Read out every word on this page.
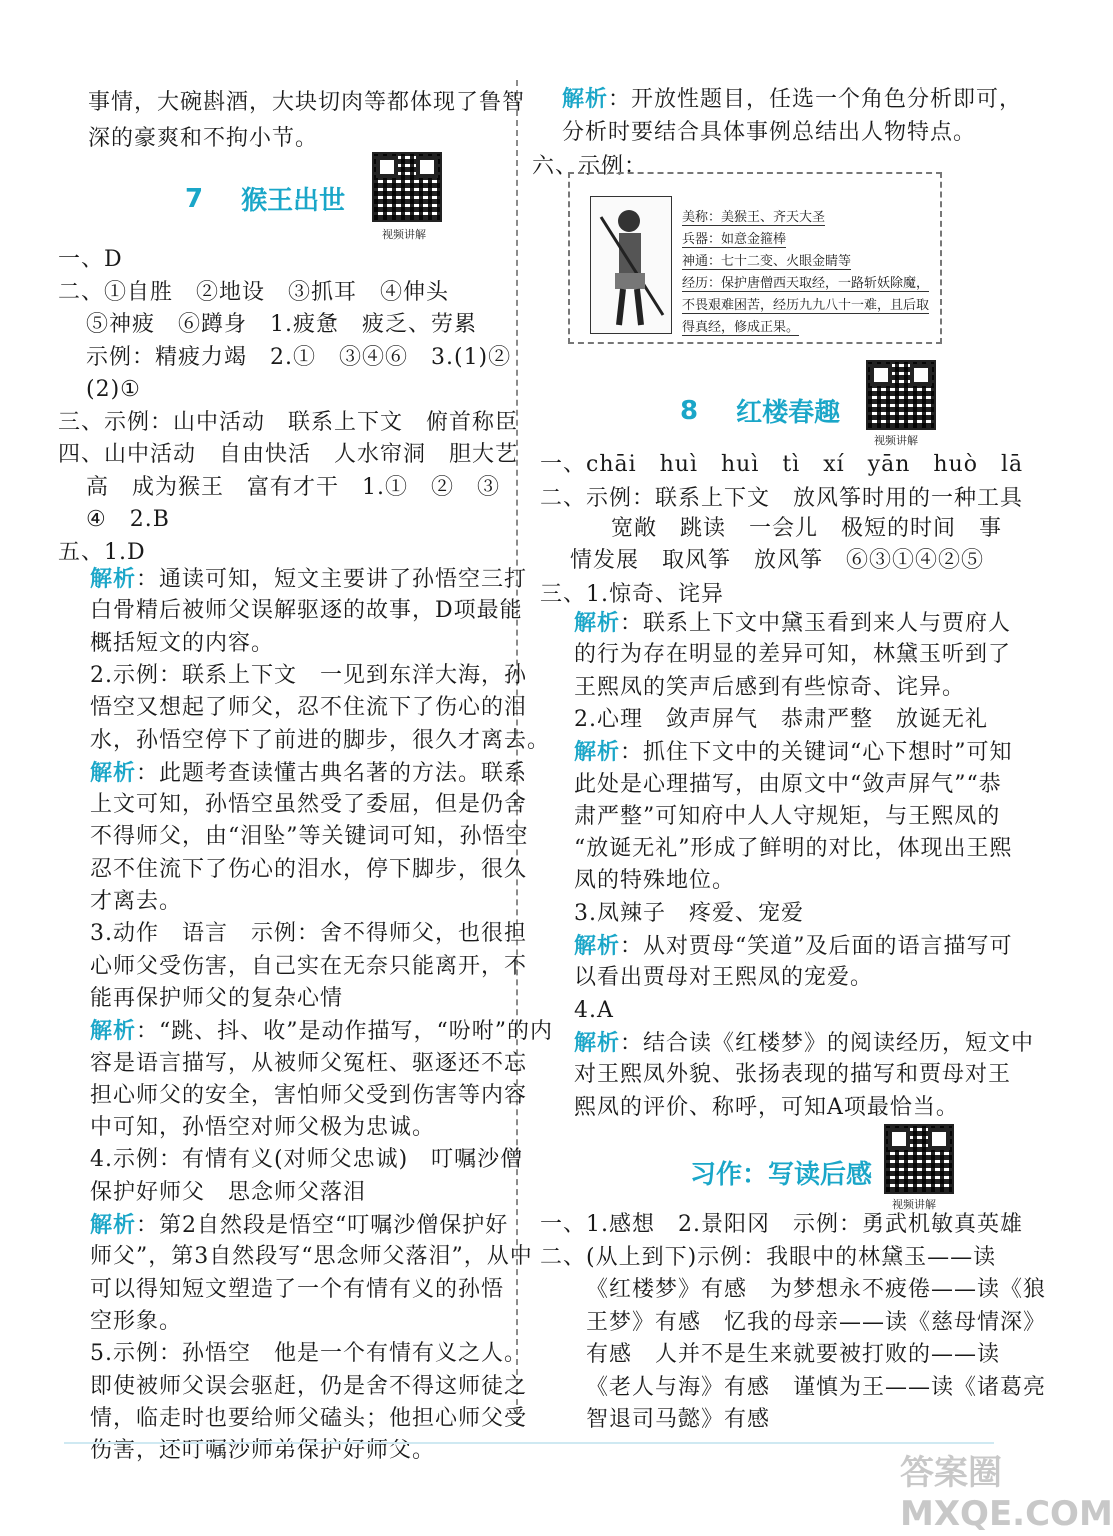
事情，大碗斟酒，大块切肉等都体现了鲁智
深的豪爽和不拘小节。
7 猴王出世
视频讲解
一、D
二、①自胜　②地设　③抓耳　④伸头
⑤神疲　⑥蹲身　1.疲惫　疲乏、劳累
示例：精疲力竭　2.①　③④⑥　3.(1)②
(2)①
三、示例：山中活动　联系上下文　俯首称臣
四、山中活动　自由快活　人水帘洞　胆大艺
高　成为猴王　富有才干　1.①　②　③
④　2.B
五、1.D
解析：通读可知，短文主要讲了孙悟空三打
白骨精后被师父误解驱逐的故事，D项最能
概括短文的内容。
2.示例：联系上下文　一见到东洋大海，孙
悟空又想起了师父，忍不住流下了伤心的泪
水，孙悟空停下了前进的脚步，很久才离去。
解析：此题考查读懂古典名著的方法。联系
上文可知，孙悟空虽然受了委屈，但是仍舍
不得师父，由“泪坠”等关键词可知，孙悟空
忍不住流下了伤心的泪水，停下脚步，很久
才离去。
3.动作　语言　示例：舍不得师父，也很担
心师父受伤害，自己实在无奈只能离开，不
能再保护师父的复杂心情
解析：“跳、抖、收”是动作描写，“吩咐”的内
容是语言描写，从被师父冤枉、驱逐还不忘
担心师父的安全，害怕师父受到伤害等内容
中可知，孙悟空对师父极为忠诚。
4.示例：有情有义(对师父忠诚)　叮嘱沙僧
保护好师父　思念师父落泪
解析：第2自然段是悟空“叮嘱沙僧保护好
师父”，第3自然段写“思念师父落泪”，从中
可以得知短文塑造了一个有情有义的孙悟
空形象。
5.示例：孙悟空　他是一个有情有义之人。
即使被师父误会驱赶，仍是舍不得这师徒之
情，临走时也要给师父磕头；他担心师父受
伤害，还叮嘱沙师弟保护好师父。
解析：开放性题目，任选一个角色分析即可，
分析时要结合具体事例总结出人物特点。
六、示例：
美称：美猴王、齐天大圣
兵器：如意金箍棒
神通：七十二变、火眼金睛等
经历：保护唐僧西天取经，一路斩妖除魔，
不畏艰难困苦，经历九九八十一难，且后取
得真经，修成正果。
8 红楼春趣
视频讲解
一、chāi　huì　huì　tì　xí　yān　huò　lā
二、示例：联系上下文　放风筝时用的一种工具
　宽敞　跳读　一会儿　极短的时间　事
情发展　取风筝　放风筝　⑥③①④②⑤
三、1.惊奇、诧异
解析：联系上下文中黛玉看到来人与贾府人
的行为存在明显的差异可知，林黛玉听到了
王熙凤的笑声后感到有些惊奇、诧异。
2.心理　敛声屏气　恭肃严整　放诞无礼
解析：抓住下文中的关键词“心下想时”可知
此处是心理描写，由原文中“敛声屏气”“恭
肃严整”可知府中人人守规矩，与王熙凤的
“放诞无礼”形成了鲜明的对比，体现出王熙
凤的特殊地位。
3.凤辣子　疼爱、宠爱
解析：从对贾母“笑道”及后面的语言描写可
以看出贾母对王熙凤的宠爱。
4.A
解析：结合读《红楼梦》的阅读经历，短文中
对王熙凤外貌、张扬表现的描写和贾母对王
熙凤的评价、称呼，可知A项最恰当。
习作：写读后感
视频讲解
一、1.感想　2.景阳冈　示例：勇武机敏真英雄
二、(从上到下)示例：我眼中的林黛玉——读
《红楼梦》有感　为梦想永不疲倦——读《狼
王梦》有感　忆我的母亲——读《慈母情深》
有感　人并不是生来就要被打败的——读
《老人与海》有感　谨慎为王——读《诸葛亮
智退司马懿》有感
答案圈 MXQE.COM
